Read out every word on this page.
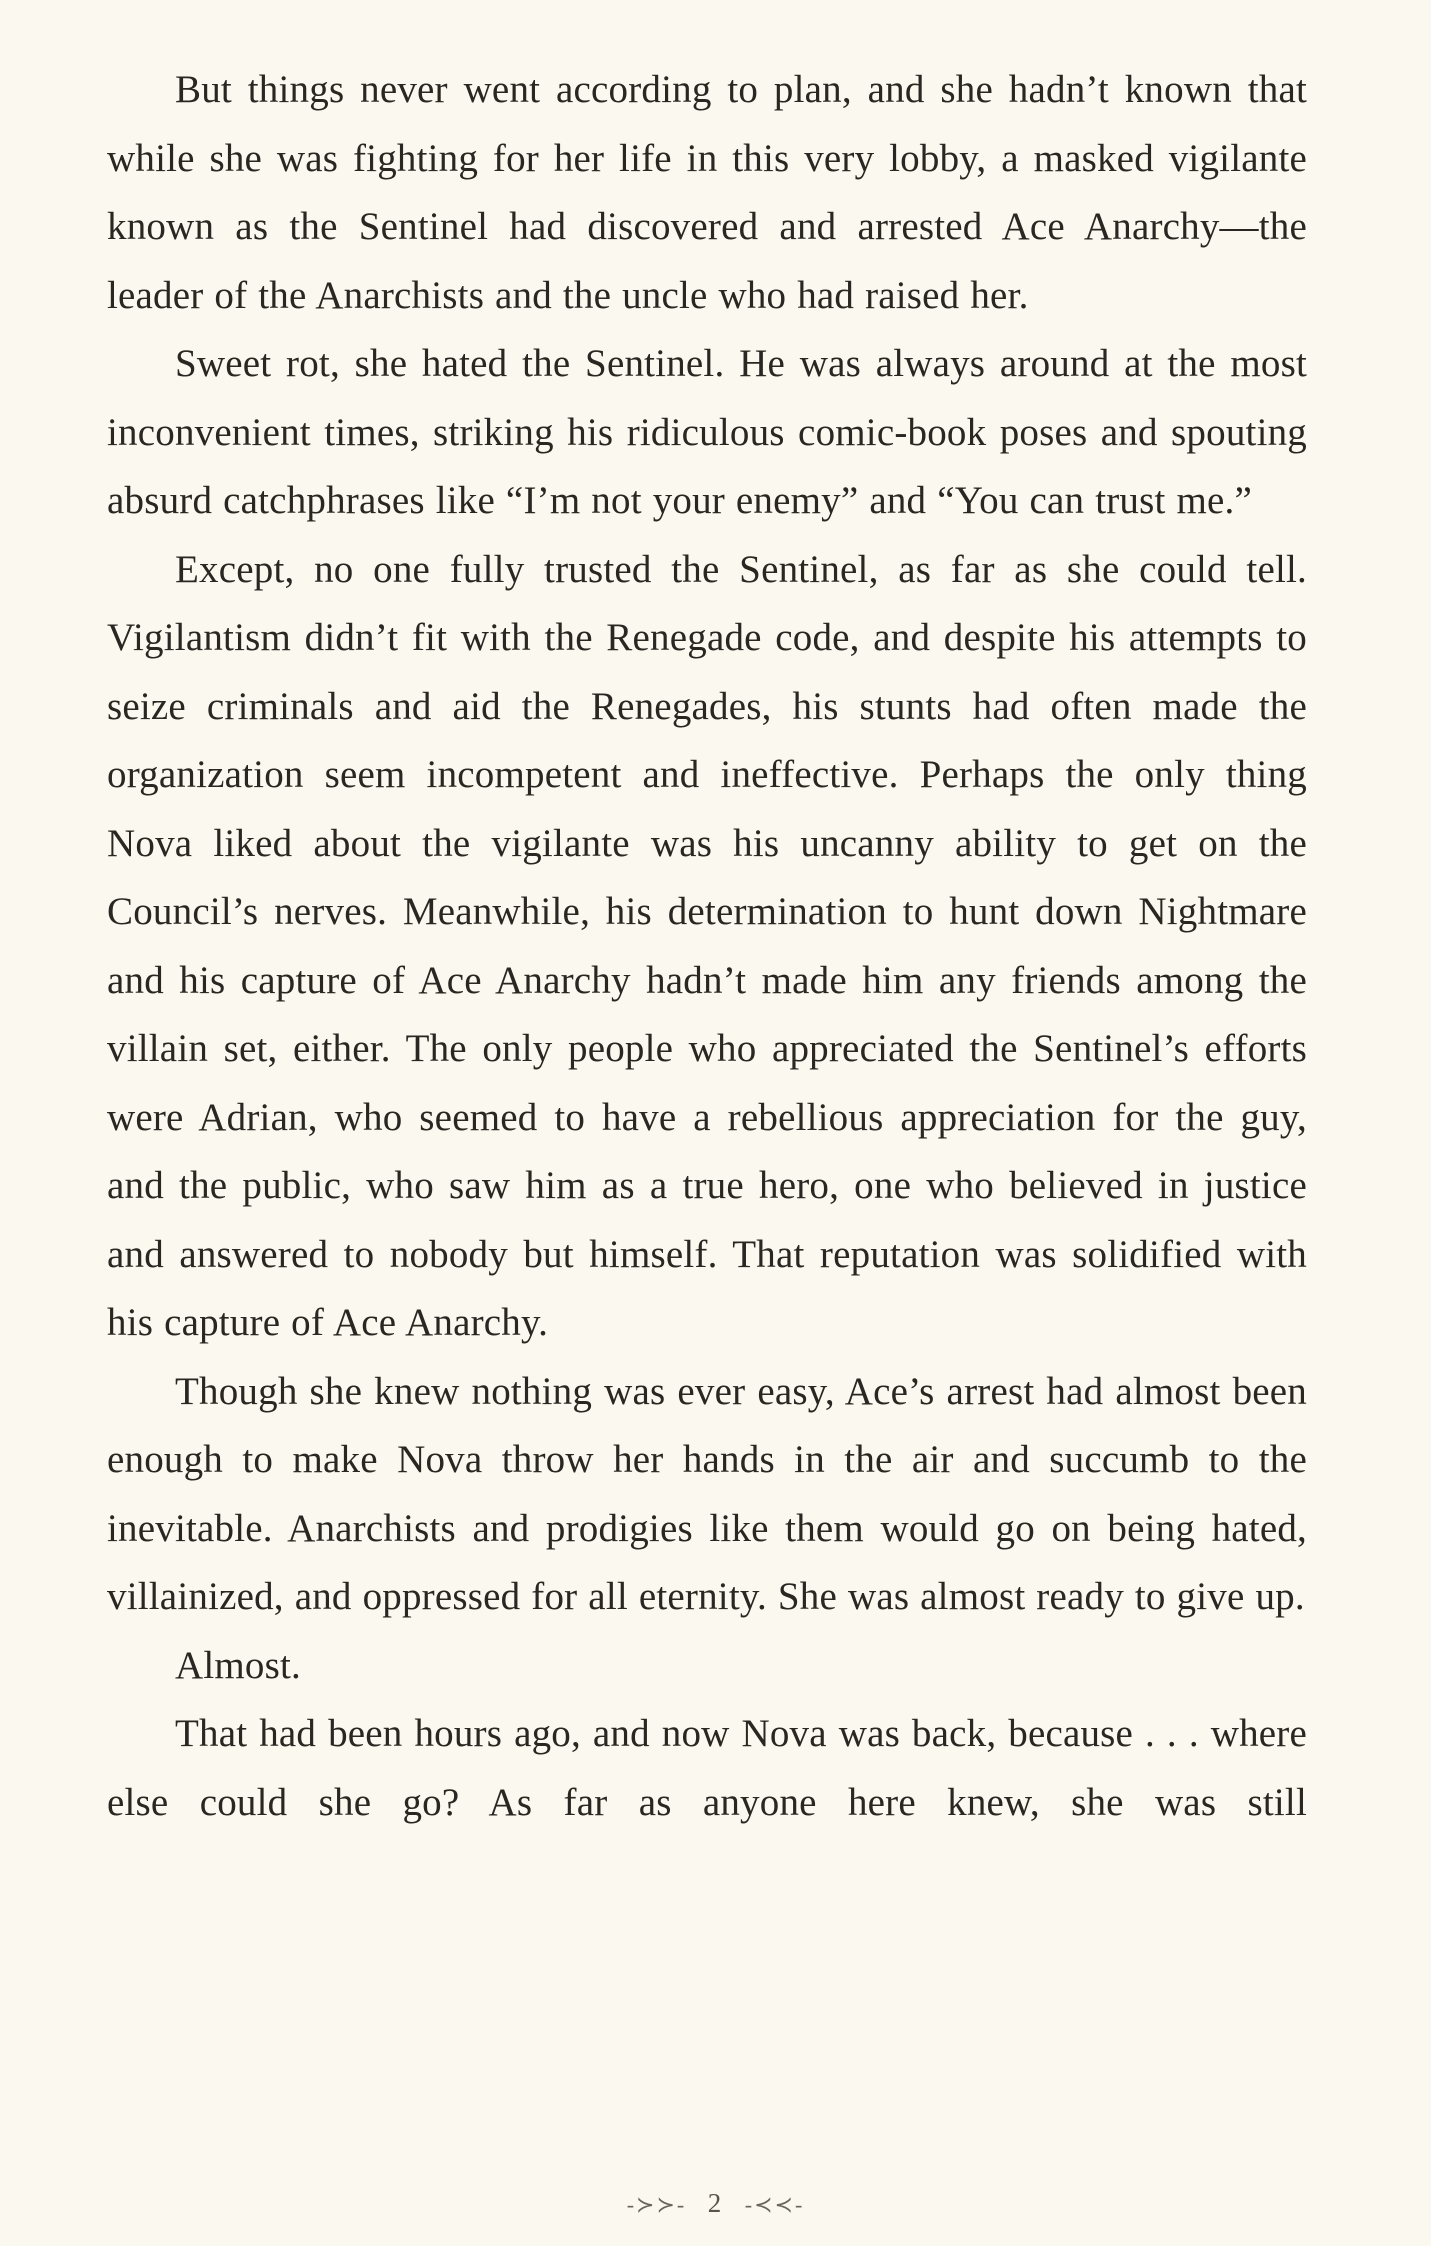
But things never went according to plan, and she hadn’t known that while she was fighting for her life in this very lobby, a masked vigilante known as the Sentinel had discovered and arrested Ace Anarchy—the leader of the Anarchists and the uncle who had raised her.

Sweet rot, she hated the Sentinel. He was always around at the most inconvenient times, striking his ridiculous comic-book poses and spouting absurd catchphrases like “I’m not your enemy” and “You can trust me.”

Except, no one fully trusted the Sentinel, as far as she could tell. Vigilantism didn’t fit with the Renegade code, and despite his attempts to seize criminals and aid the Renegades, his stunts had often made the organization seem incompetent and ineffective. Perhaps the only thing Nova liked about the vigilante was his uncanny ability to get on the Council’s nerves. Meanwhile, his determination to hunt down Nightmare and his capture of Ace Anarchy hadn’t made him any friends among the villain set, either. The only people who appreciated the Sentinel’s efforts were Adrian, who seemed to have a rebellious appreciation for the guy, and the public, who saw him as a true hero, one who believed in justice and answered to nobody but himself. That reputation was solidified with his capture of Ace Anarchy.

Though she knew nothing was ever easy, Ace’s arrest had almost been enough to make Nova throw her hands in the air and succumb to the inevitable. Anarchists and prodigies like them would go on being hated, villainized, and oppressed for all eternity. She was almost ready to give up.

Almost.

That had been hours ago, and now Nova was back, because . . . where else could she go? As far as anyone here knew, she was still

-≻≻- 2 -≺≺-
